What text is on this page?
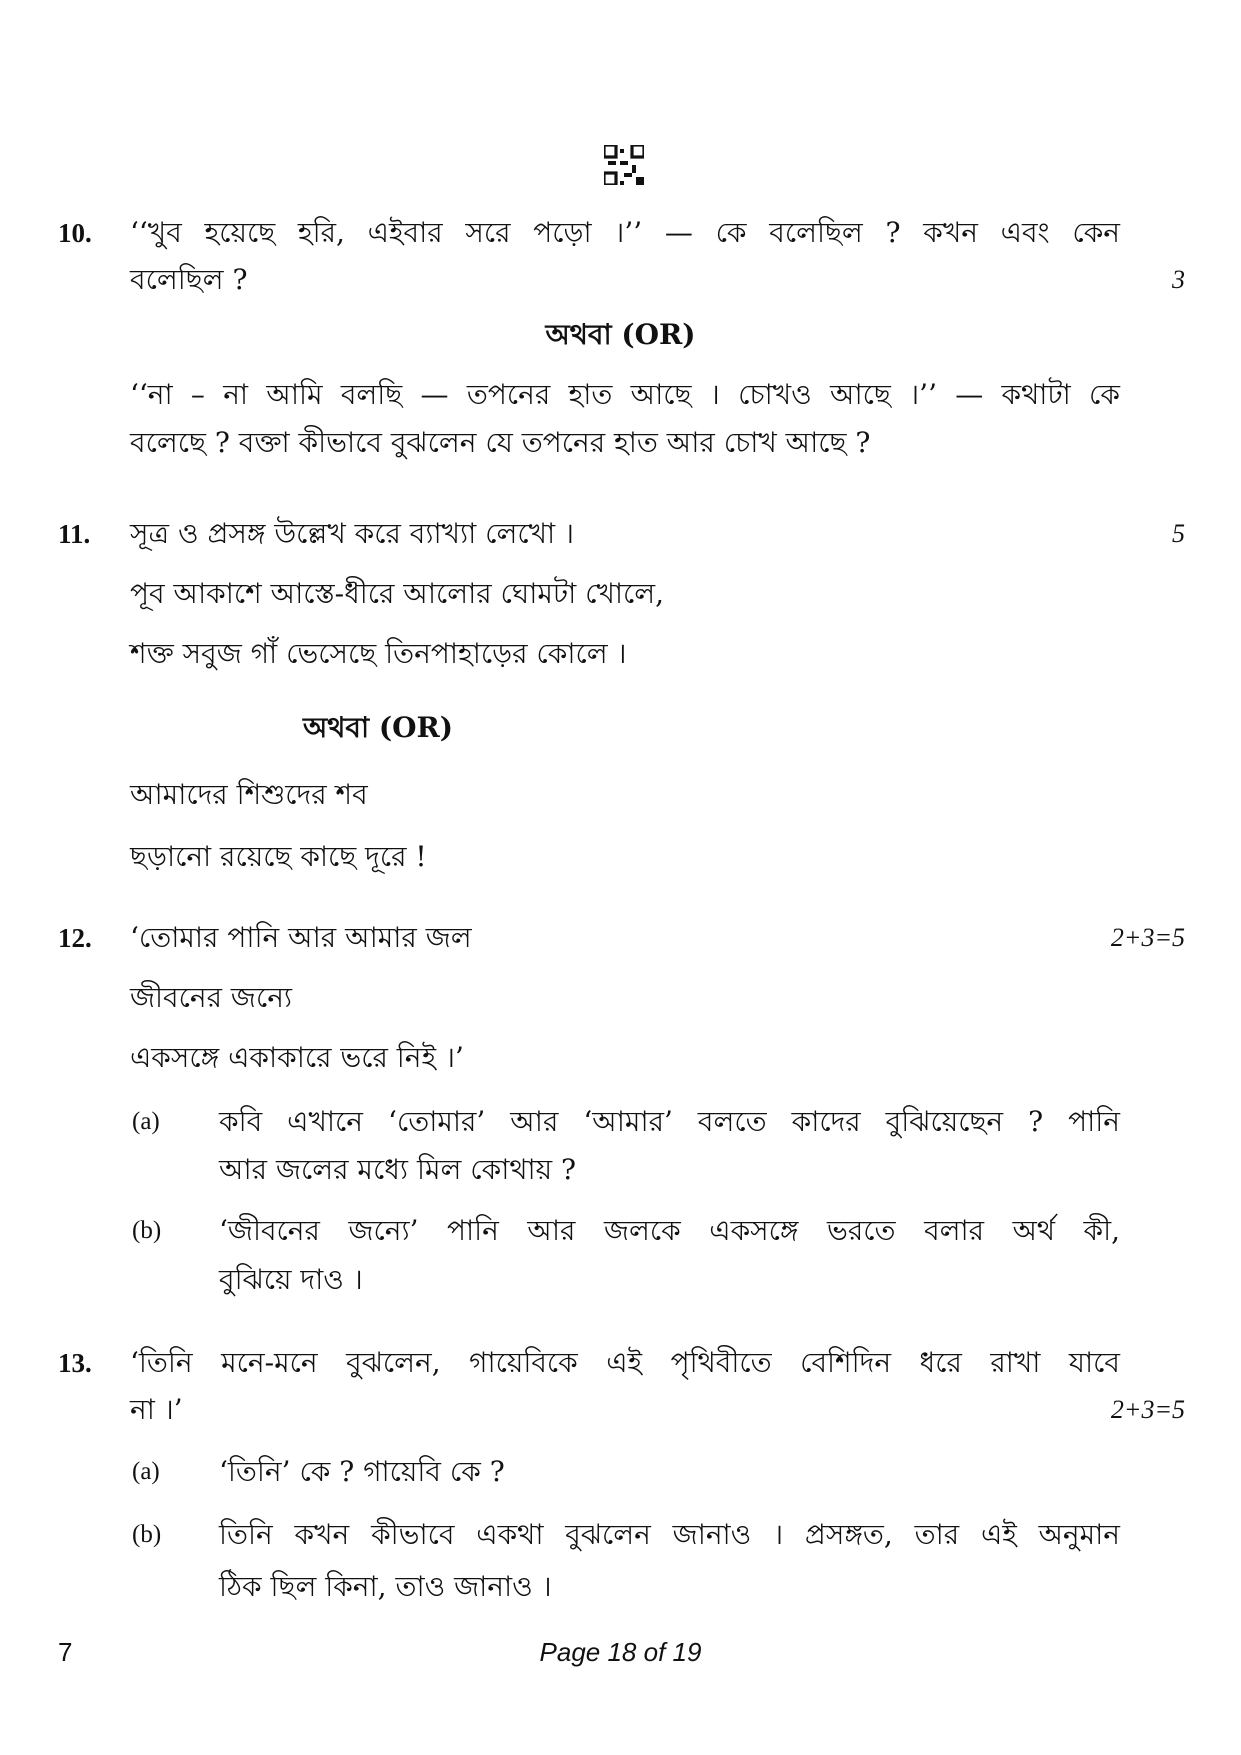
10. ‘‘খুব হয়েছে হরি, এইবার সরে পড়ো ।’’ — কে বলেছিল ? কখন এবং কেন
বলেছিল ?	3
অথবা (OR)
‘‘না – না আমি বলছি — তপনের হাত আছে । চোখও আছে ।’’ — কথাটা কে
বলেছে ? বক্তা কীভাবে বুঝলেন যে তপনের হাত আর চোখ আছে ?
11. সূত্র ও প্রসঙ্গ উল্লেখ করে ব্যাখ্যা লেখো ।	5
পূব আকাশে আস্তে-ধীরে আলোর ঘোমটা খোলে,
শক্ত সবুজ গাঁ ভেসেছে তিনপাহাড়ের কোলে ।
অথবা (OR)
আমাদের শিশুদের শব
ছড়ানো রয়েছে কাছে দূরে !
12. ‘তোমার পানি আর আমার জল	2+3=5
জীবনের জন্যে
একসঙ্গে একাকারে ভরে নিই ।’
(a) কবি এখানে ‘তোমার’ আর ‘আমার’ বলতে কাদের বুঝিয়েছেন ? পানি
আর জলের মধ্যে মিল কোথায় ?
(b) ‘জীবনের জন্যে’ পানি আর জলকে একসঙ্গে ভরতে বলার অর্থ কী,
বুঝিয়ে দাও ।
13. ‘তিনি মনে-মনে বুঝলেন, গায়েবিকে এই পৃথিবীতে বেশিদিন ধরে রাখা যাবে
না ।’	2+3=5
(a) ‘তিনি’ কে ? গায়েবি কে ?
(b) তিনি কখন কীভাবে একথা বুঝলেন জানাও । প্রসঙ্গত, তার এই অনুমান
ঠিক ছিল কিনা, তাও জানাও ।
7	Page 18 of 19
